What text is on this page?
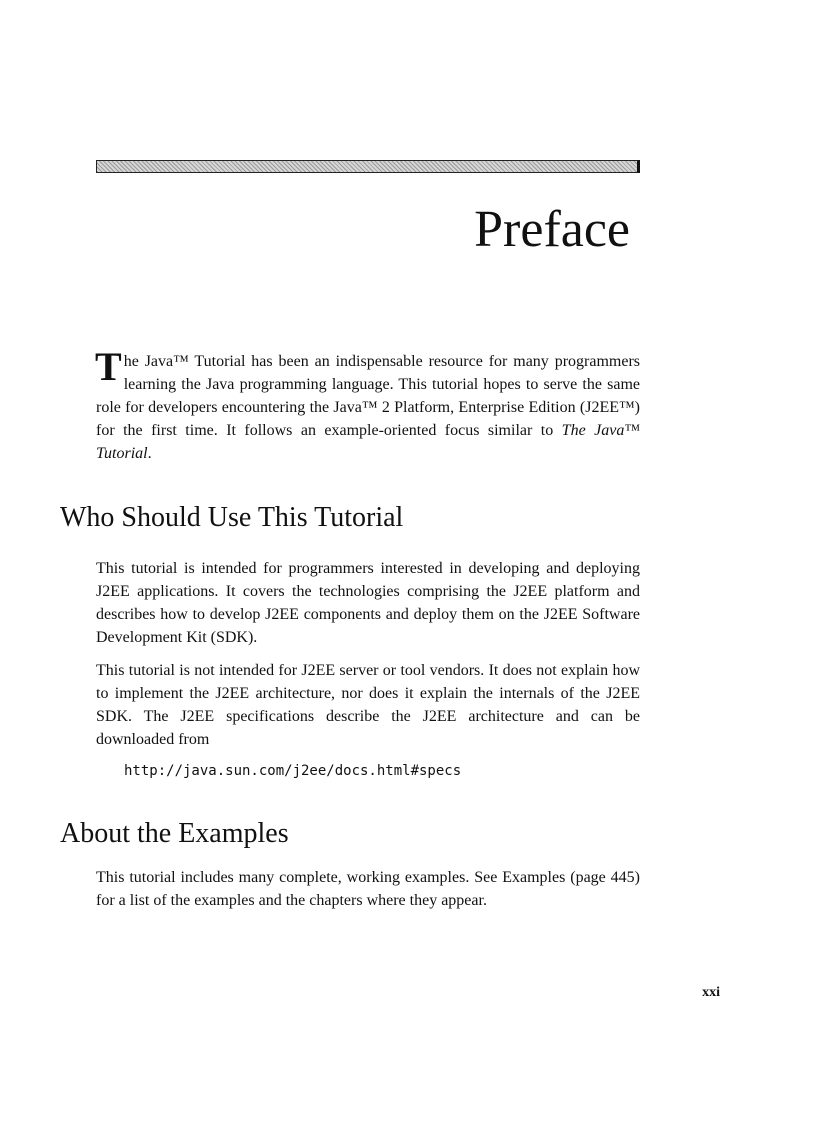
Preface

The Java™ Tutorial has been an indispensable resource for many programmers learning the Java programming language. This tutorial hopes to serve the same role for developers encountering the Java™ 2 Platform, Enterprise Edition (J2EE™) for the first time. It follows an example-oriented focus similar to The Java™ Tutorial.

Who Should Use This Tutorial

This tutorial is intended for programmers interested in developing and deploying J2EE applications. It covers the technologies comprising the J2EE platform and describes how to develop J2EE components and deploy them on the J2EE Software Development Kit (SDK).

This tutorial is not intended for J2EE server or tool vendors. It does not explain how to implement the J2EE architecture, nor does it explain the internals of the J2EE SDK. The J2EE specifications describe the J2EE architecture and can be downloaded from

http://java.sun.com/j2ee/docs.html#specs

About the Examples

This tutorial includes many complete, working examples. See Examples (page 445) for a list of the examples and the chapters where they appear.

xxi
